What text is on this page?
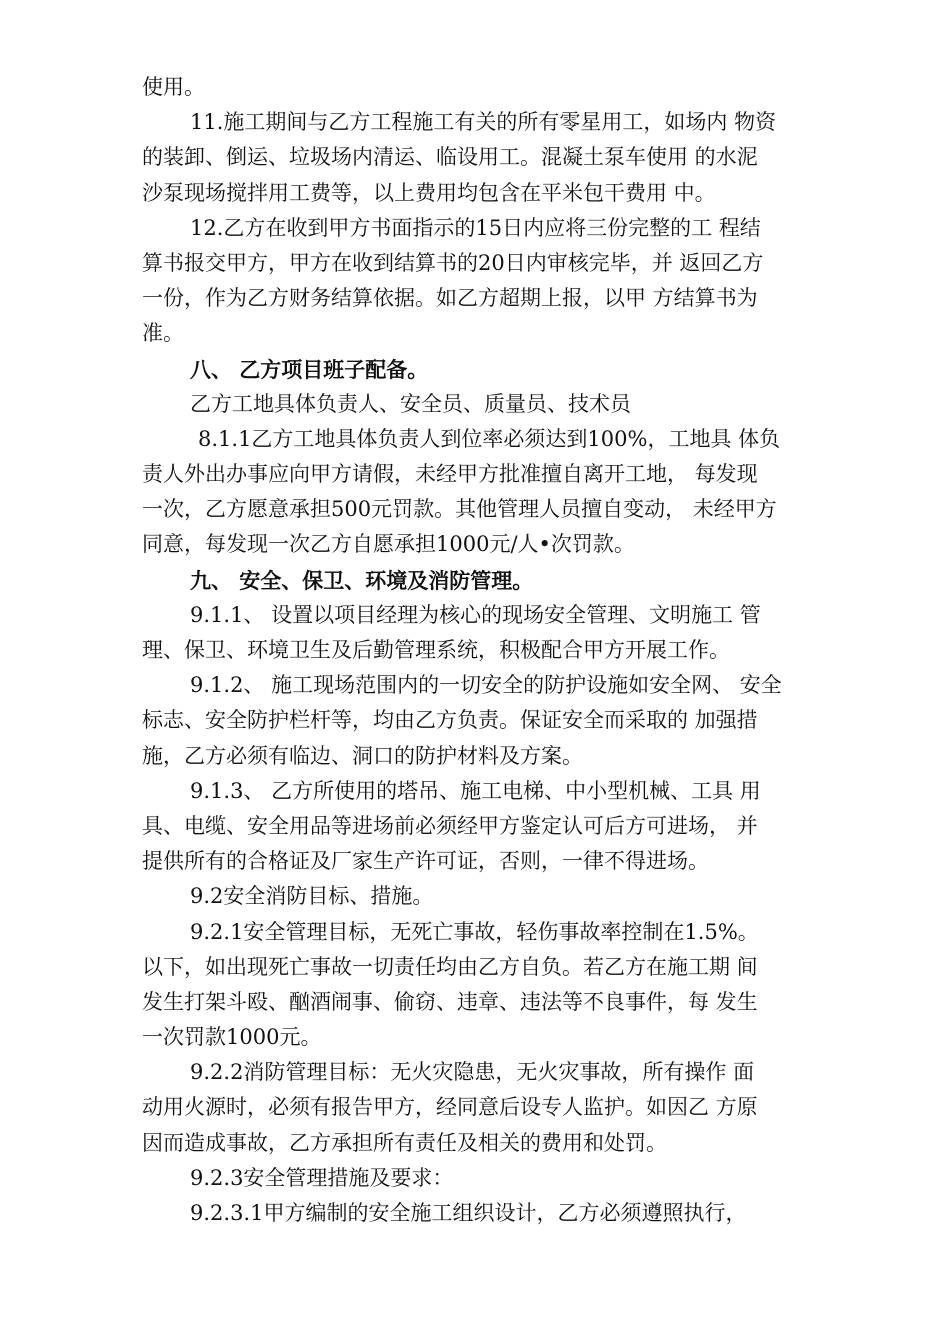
使用。
11.施工期间与乙方工程施工有关的所有零星用工，如场内 物资
的装卸、倒运、垃圾场内清运、临设用工。混凝土泵车使用 的水泥
沙泵现场搅拌用工费等，以上费用均包含在平米包干费用 中。
12.乙方在收到甲方书面指示的15日内应将三份完整的工 程结
算书报交甲方，甲方在收到结算书的20日内审核完毕，并 返回乙方
一份，作为乙方财务结算依据。如乙方超期上报，以甲 方结算书为
准。
八、 乙方项目班子配备。
乙方工地具体负责人、安全员、质量员、技术员
8.1.1乙方工地具体负责人到位率必须达到100%，工地具 体负
责人外出办事应向甲方请假，未经甲方批准擅自离开工地， 每发现
一次，乙方愿意承担500元罚款。其他管理人员擅自变动， 未经甲方
同意，每发现一次乙方自愿承担1000元/人•次罚款。
九、 安全、保卫、环境及消防管理。
9.1.1、 设置以项目经理为核心的现场安全管理、文明施工 管
理、保卫、环境卫生及后勤管理系统，积极配合甲方开展工作。
9.1.2、 施工现场范围内的一切安全的防护设施如安全网、 安全
标志、安全防护栏杆等，均由乙方负责。保证安全而采取的 加强措
施，乙方必须有临边、洞口的防护材料及方案。
9.1.3、 乙方所使用的塔吊、施工电梯、中小型机械、工具 用
具、电缆、安全用品等进场前必须经甲方鉴定认可后方可进场， 并
提供所有的合格证及厂家生产许可证，否则，一律不得进场。
9.2安全消防目标、措施。
9.2.1安全管理目标，无死亡事故，轻伤事故率控制在1.5%。
以下，如出现死亡事故一切责任均由乙方自负。若乙方在施工期 间
发生打架斗殴、酗酒闹事、偷窃、违章、违法等不良事件，每 发生
一次罚款1000元。
9.2.2消防管理目标：无火灾隐患，无火灾事故，所有操作 面
动用火源时，必须有报告甲方，经同意后设专人监护。如因乙 方原
因而造成事故，乙方承担所有责任及相关的费用和处罚。
9.2.3安全管理措施及要求：
9.2.3.1甲方编制的安全施工组织设计，乙方必须遵照执行，
